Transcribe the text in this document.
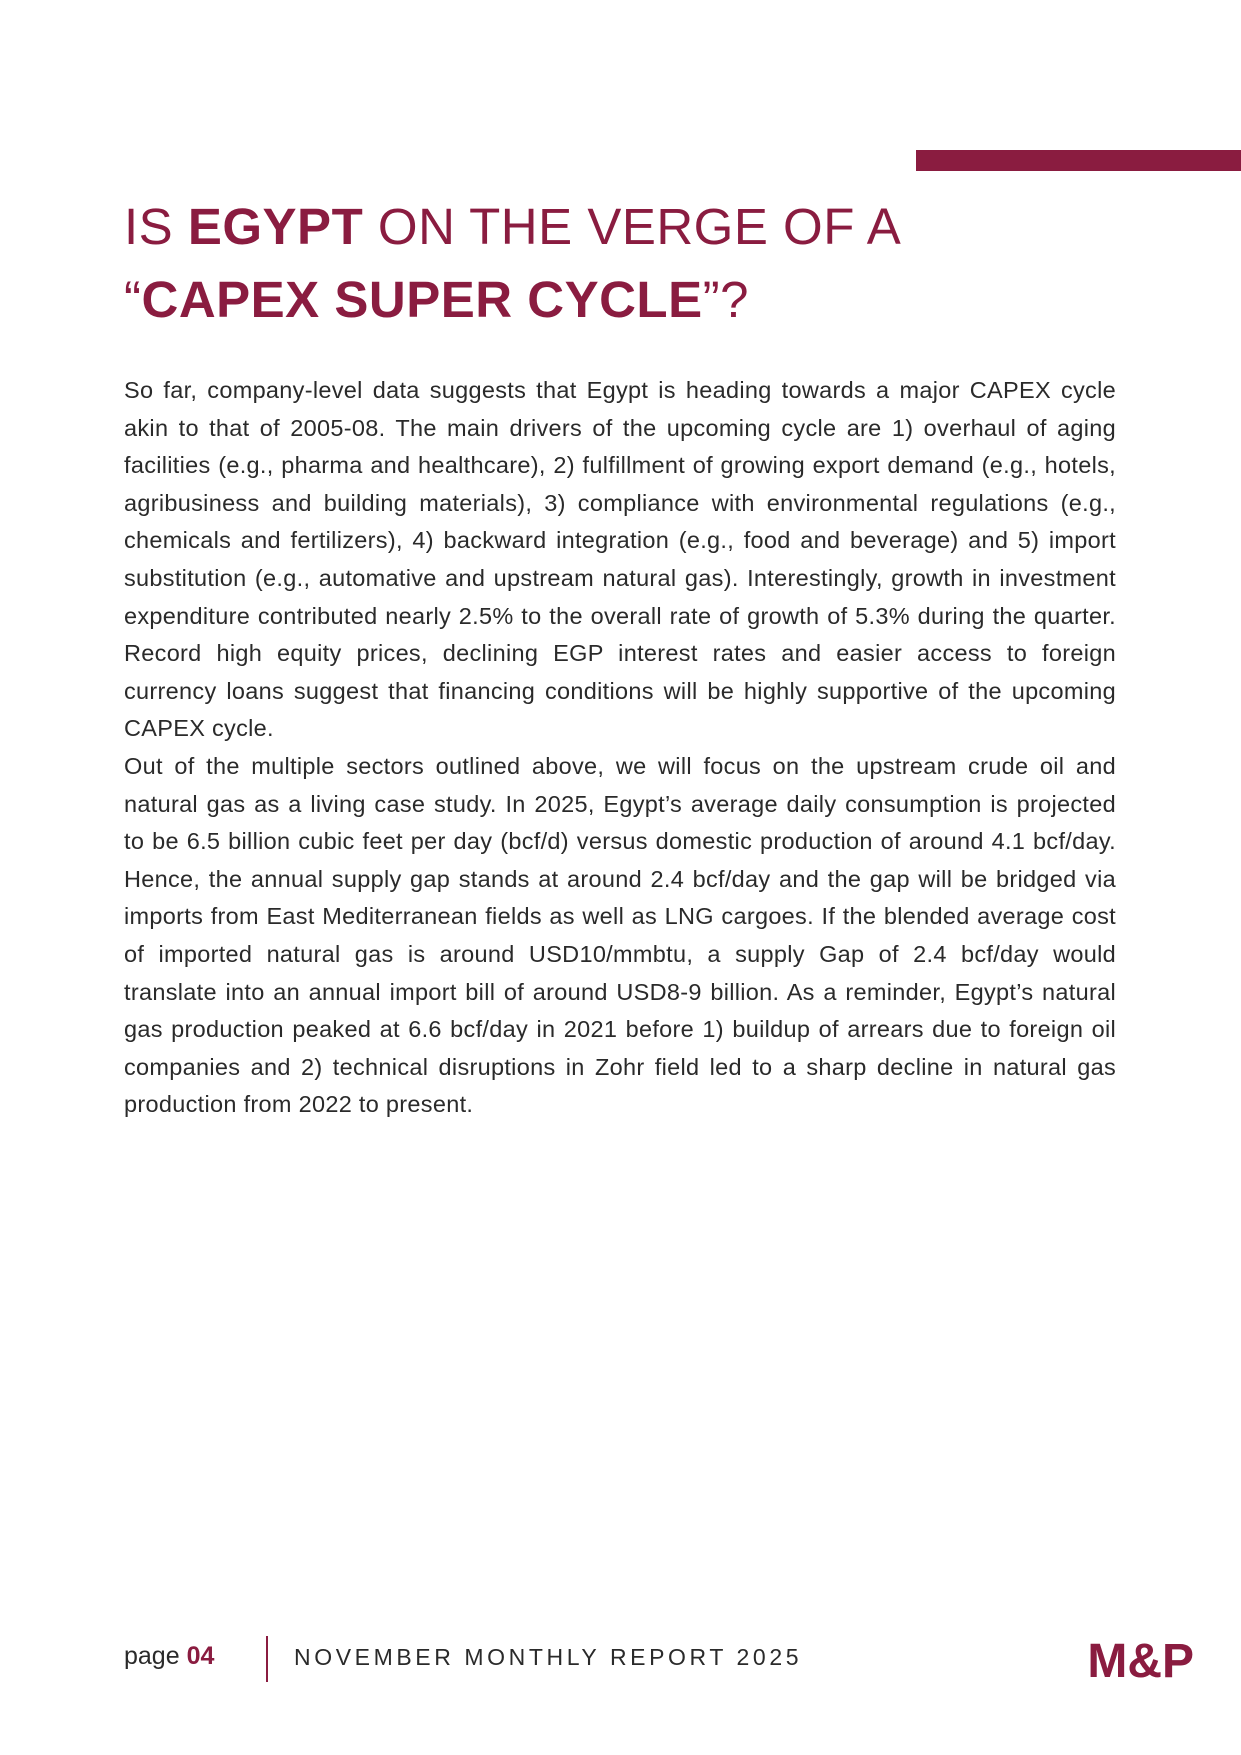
IS EGYPT ON THE VERGE OF A
“CAPEX SUPER CYCLE”?

So far, company-level data suggests that Egypt is heading towards a major CAPEX cycle akin to that of 2005-08. The main drivers of the upcoming cycle are 1) overhaul of aging facilities (e.g., pharma and healthcare), 2) fulfillment of growing export demand (e.g., hotels, agribusiness and building materials), 3) compliance with environmental regulations (e.g., chemicals and fertilizers), 4) backward integration (e.g., food and beverage) and 5) import substitution (e.g., automative and upstream natural gas). Interestingly, growth in investment expenditure contributed nearly 2.5% to the overall rate of growth of 5.3% during the quarter. Record high equity prices, declining EGP interest rates and easier access to foreign currency loans suggest that financing conditions will be highly supportive of the upcoming CAPEX cycle.

Out of the multiple sectors outlined above, we will focus on the upstream crude oil and natural gas as a living case study. In 2025, Egypt’s average daily consumption is projected to be 6.5 billion cubic feet per day (bcf/d) versus domestic production of around 4.1 bcf/day. Hence, the annual supply gap stands at around 2.4 bcf/day and the gap will be bridged via imports from East Mediterranean fields as well as LNG cargoes. If the blended average cost of imported natural gas is around USD10/mmbtu, a supply Gap of 2.4 bcf/day would translate into an annual import bill of around USD8-9 billion. As a reminder, Egypt’s natural gas production peaked at 6.6 bcf/day in 2021 before 1) buildup of arrears due to foreign oil companies and 2) technical disruptions in Zohr field led to a sharp decline in natural gas production from 2022 to present.

page 04	NOVEMBER MONTHLY REPORT 2025	M&P
